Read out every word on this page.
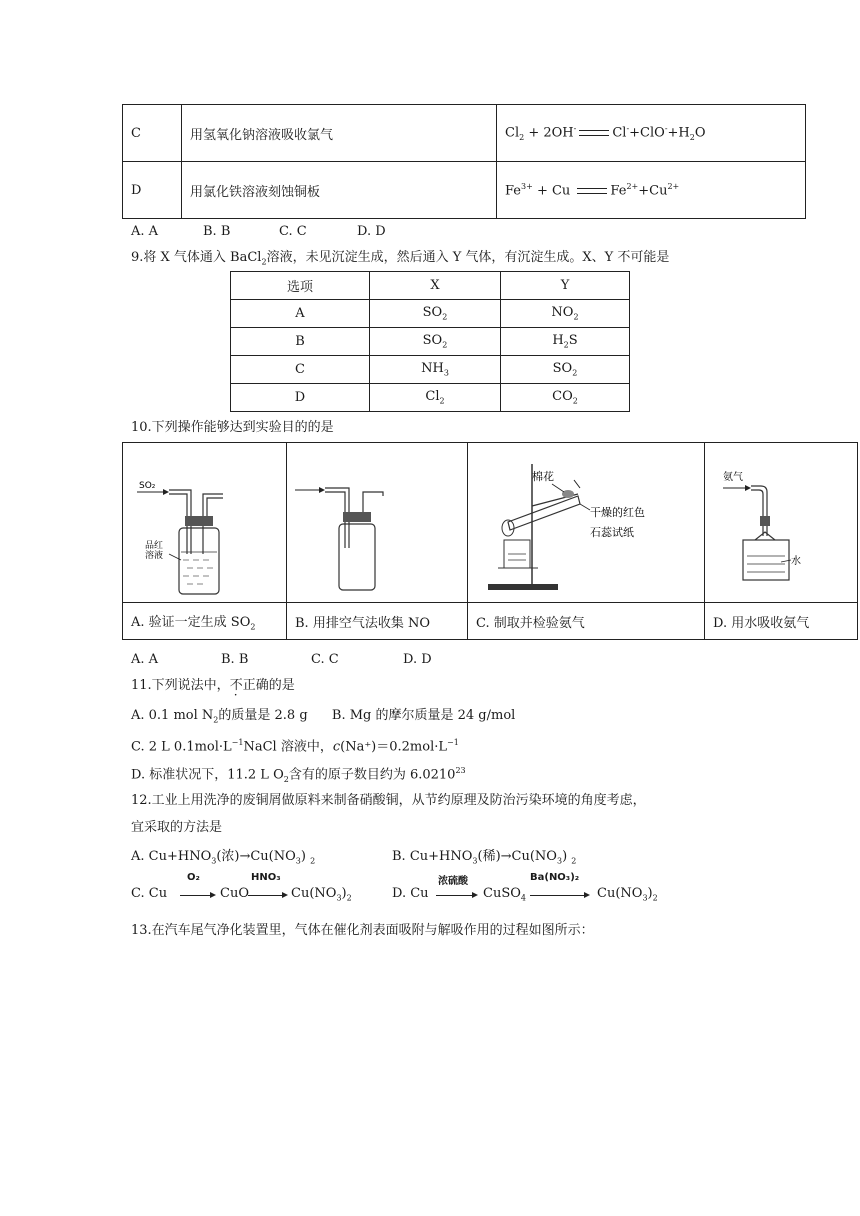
C	用氢氧化钠溶液吸收氯气	$Cl_2 + 2OH^-$ $Cl^-+ClO^-+H_2O$
D	用氯化铁溶液刻蚀铜板	$Fe^{3+} + Cu$ $Fe^{2+}+Cu^{2+}$
A. A	B. B	C. C	D. D
9.将 X 气体通入 BaCl$_2$溶液，未见沉淀生成，然后通入 Y 气体，有沉淀生成。X、Y 不可能是
选项	X	Y
A	$SO_2$	$NO_2$
B	$SO_2$	$H_2S$
C	$NH_3$	$SO_2$
D	$Cl_2$	$CO_2$
10.下列操作能够达到实验目的的是
SO₂
品红
溶液		棉花
干燥的红色
石蕊试纸	氨气
水

A. 验证一定生成 $SO_2$	B. 用排空气法收集 NO	C. 制取并检验氨气	D. 用水吸收氨气
A. A	B. B	C. C	D. D
11.下列说法中，不正确的是
A. 0.1 mol $N_2$的质量是 2.8 g B. Mg 的摩尔质量是 24 g/mol
C. 2 L $0.1mol\cdot L^{-1}NaCl$ 溶液中，$c(Na^+)=0.2mol\cdot L^{-1}$
D. 标准状况下，11.2 L $O_2$含有的原子数目约为 6.0210$^{23}$
12.工业上用洗净的废铜屑做原料来制备硝酸铜，从节约原理及防治污染环境的角度考虑，
宜采取的方法是
A. $Cu+HNO_3$(浓)$\to Cu(NO_3)$ $_2$	B. $Cu+HNO_3$(稀)$\to Cu(NO_3)$ $_2$
C. Cu
O₂
CuO
HNO₃
$Cu(NO_3)_2$	D. Cu
浓硫酸
CuSO$_4$
Ba(NO₃)₂
$Cu(NO_3)_2$
13.在汽车尾气净化装置里，气体在催化剂表面吸附与解吸作用的过程如图所示：
